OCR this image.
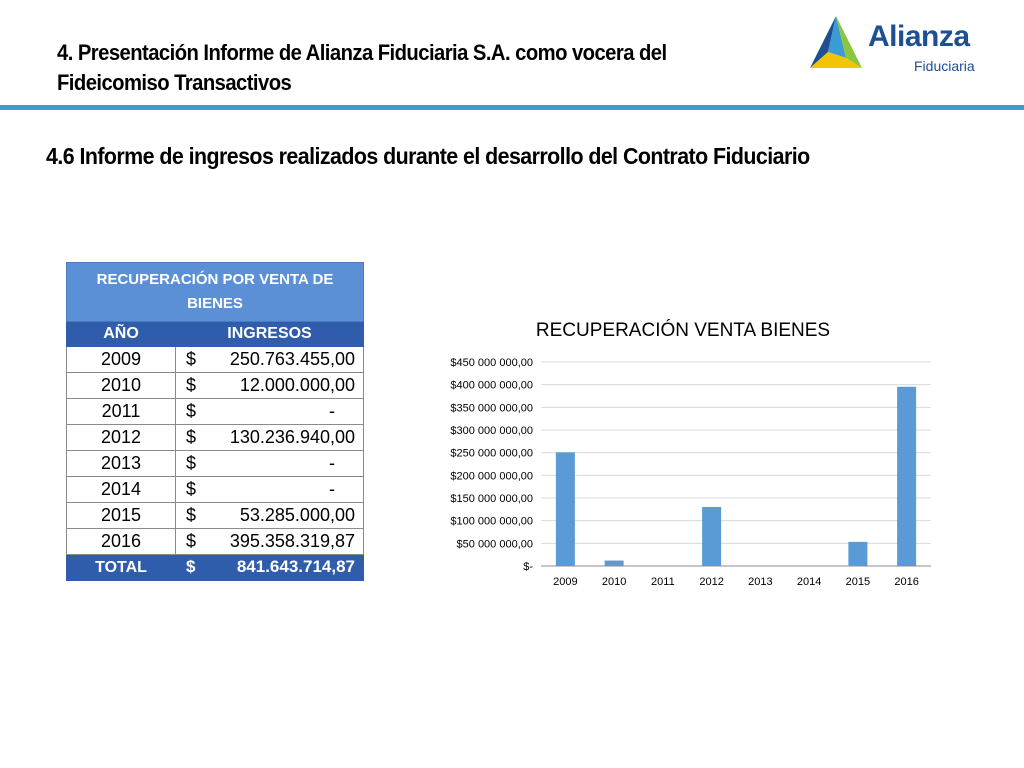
4. Presentación Informe de Alianza Fiduciaria S.A. como vocera del Fideicomiso Transactivos
Alianza
Fiduciaria
4.6 Informe de ingresos realizados durante el desarrollo del Contrato Fiduciario
RECUPERACIÓN POR VENTA DE BIENES	
AÑO	INGRESOS
2009	$ 250.763.455,00

2010	$ 12.000.000,00

2011	$ -

2012	$ 130.236.940,00

2013	$ -

2014	$ -

2015	$ 53.285.000,00

2016	$ 395.358.319,87

TOTAL	$ 841.643.714,87
RECUPERACIÓN VENTA BIENES
$-
$50 000 000,00
$100 000 000,00
$150 000 000,00
$200 000 000,00
$250 000 000,00
$300 000 000,00
$350 000 000,00
$400 000 000,00
$450 000 000,00
2009 2010 2011 2012 2013 2014 2015 2016
